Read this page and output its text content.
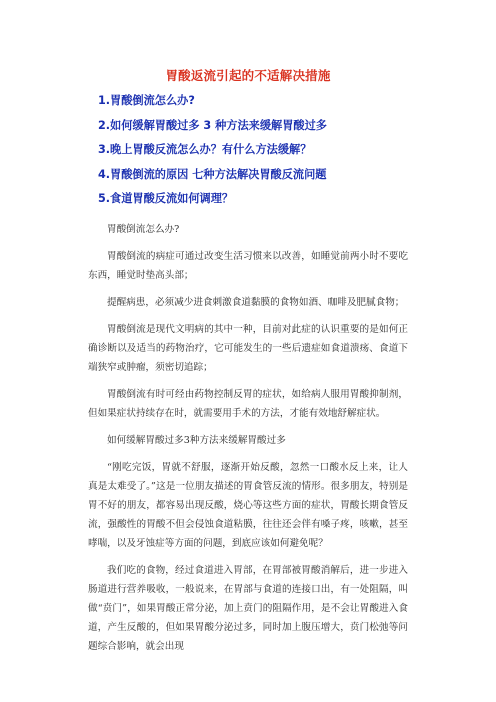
胃酸返流引起的不适解决措施
1.胃酸倒流怎么办?
2.如何缓解胃酸过多 3 种方法来缓解胃酸过多
3.晚上胃酸反流怎么办？有什么方法缓解？
4.胃酸倒流的原因 七种方法解决胃酸反流问题
5.食道胃酸反流如何调理？

胃酸倒流怎么办?

胃酸倒流的病症可通过改变生活习惯来以改善，如睡觉前两小时不要吃东西，睡觉时垫高头部；

提醒病患，必须减少进食刺激食道黏膜的食物如酒、咖啡及肥腻食物；

胃酸倒流是现代文明病的其中一种，目前对此症的认识重要的是如何正确诊断以及适当的药物治疗，它可能发生的一些后遗症如食道溃疡、食道下端狭窄或肿瘤，须密切追踪；

胃酸倒流有时可经由药物控制反胃的症状，如给病人服用胃酸抑制剂，但如果症状持续存在时，就需要用手术的方法，才能有效地舒解症状。

如何缓解胃酸过多3种方法来缓解胃酸过多

“刚吃完饭，胃就不舒服，逐渐开始反酸，忽然一口酸水反上来，让人真是太难受了。”这是一位朋友描述的胃食管反流的情形。很多朋友，特别是胃不好的朋友，都容易出现反酸，烧心等这些方面的症状，胃酸长期食管反流，强酸性的胃酸不但会侵蚀食道粘膜，往往还会伴有嗓子疼，咳嗽，甚至哮喘，以及牙蚀症等方面的问题，到底应该如何避免呢？

我们吃的食物，经过食道进入胃部，在胃部被胃酸消解后，进一步进入肠道进行营养吸收，一般说来，在胃部与食道的连接口出，有一处阻隔，叫做“贲门”，如果胃酸正常分泌，加上贲门的阻隔作用，是不会让胃酸进入食道，产生反酸的，但如果胃酸分泌过多，同时加上腹压增大，贲门松弛等问题综合影响，就会出现
